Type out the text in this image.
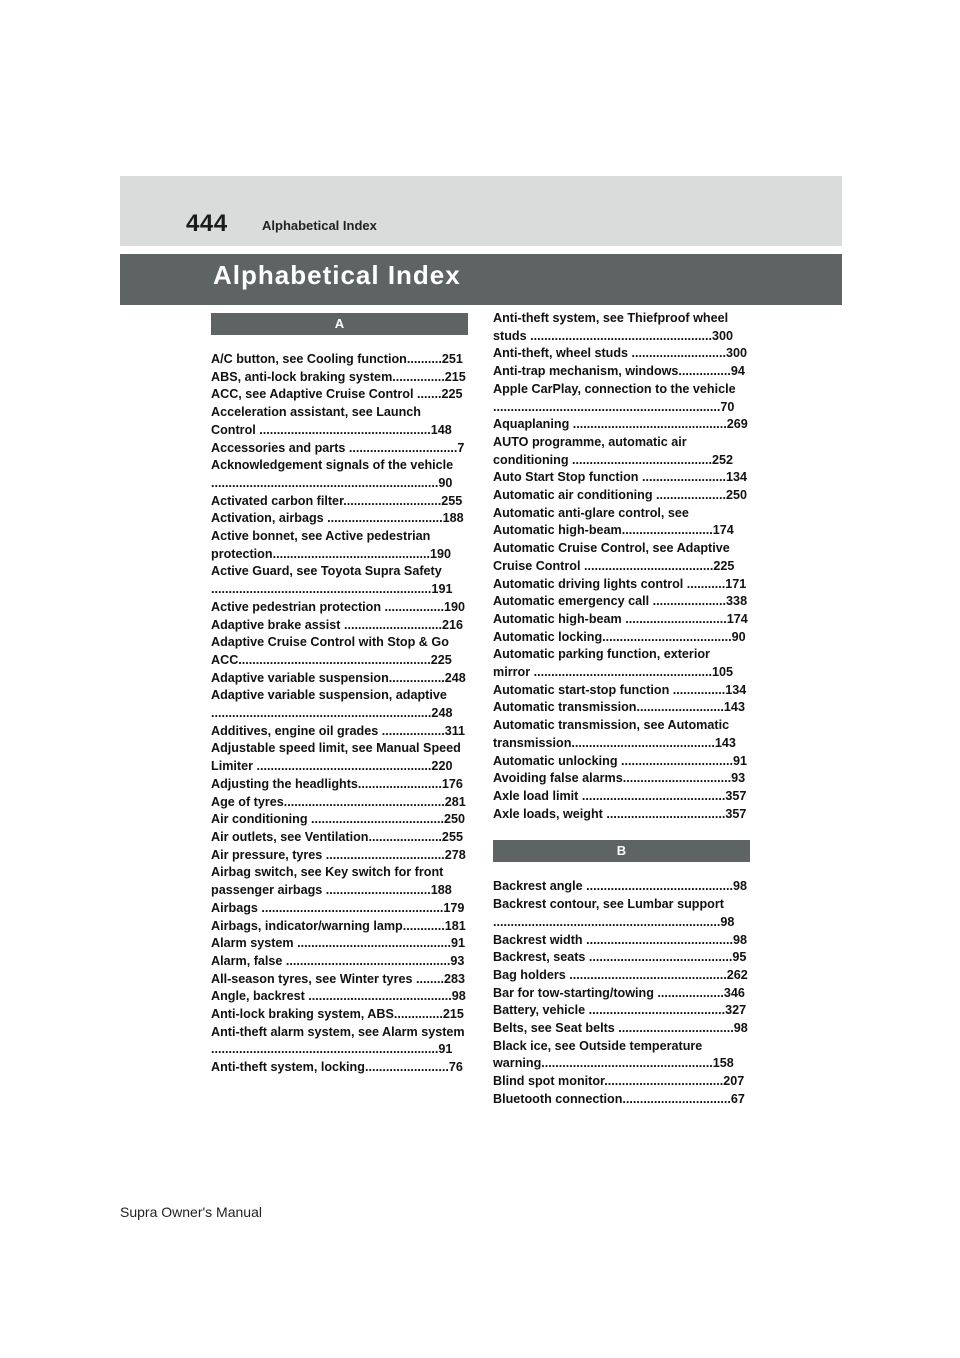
444	Alphabetical Index
Alphabetical Index
A
A/C button, see Cooling function..........251
ABS, anti-lock braking system...............215
ACC, see Adaptive Cruise Control .......225
Acceleration assistant, see Launch
Control .................................................148
Accessories and parts ...............................7
Acknowledgement signals of the vehicle
.................................................................90
Activated carbon filter............................255
Activation, airbags .................................188
Active bonnet, see Active pedestrian
protection.............................................190
Active Guard, see Toyota Supra Safety
...............................................................191
Active pedestrian protection .................190
Adaptive brake assist ............................216
Adaptive Cruise Control with Stop & Go
ACC.......................................................225
Adaptive variable suspension................248
Adaptive variable suspension, adaptive
...............................................................248
Additives, engine oil grades ..................311
Adjustable speed limit, see Manual Speed
Limiter ..................................................220
Adjusting the headlights........................176
Age of tyres..............................................281
Air conditioning ......................................250
Air outlets, see Ventilation.....................255
Air pressure, tyres ..................................278
Airbag switch, see Key switch for front
passenger airbags ..............................188
Airbags ....................................................179
Airbags, indicator/warning lamp............181
Alarm system ............................................91
Alarm, false ...............................................93
All-season tyres, see Winter tyres ........283
Angle, backrest .........................................98
Anti-lock braking system, ABS..............215
Anti-theft alarm system, see Alarm system
.................................................................91
Anti-theft system, locking........................76
Anti-theft system, see Thiefproof wheel
studs ....................................................300
Anti-theft, wheel studs ...........................300
Anti-trap mechanism, windows...............94
Apple CarPlay, connection to the vehicle
.................................................................70
Aquaplaning ............................................269
AUTO programme, automatic air
conditioning ........................................252
Auto Start Stop function ........................134
Automatic air conditioning ....................250
Automatic anti-glare control, see
Automatic high-beam..........................174
Automatic Cruise Control, see Adaptive
Cruise Control .....................................225
Automatic driving lights control ...........171
Automatic emergency call .....................338
Automatic high-beam .............................174
Automatic locking.....................................90
Automatic parking function, exterior
mirror ...................................................105
Automatic start-stop function ...............134
Automatic transmission.........................143
Automatic transmission, see Automatic
transmission.........................................143
Automatic unlocking ................................91
Avoiding false alarms...............................93
Axle load limit .........................................357
Axle loads, weight ..................................357
B
Backrest angle ..........................................98
Backrest contour, see Lumbar support
.................................................................98
Backrest width ..........................................98
Backrest, seats .........................................95
Bag holders .............................................262
Bar for tow-starting/towing ...................346
Battery, vehicle .......................................327
Belts, see Seat belts .................................98
Black ice, see Outside temperature
warning.................................................158
Blind spot monitor..................................207
Bluetooth connection...............................67
Supra Owner's Manual
